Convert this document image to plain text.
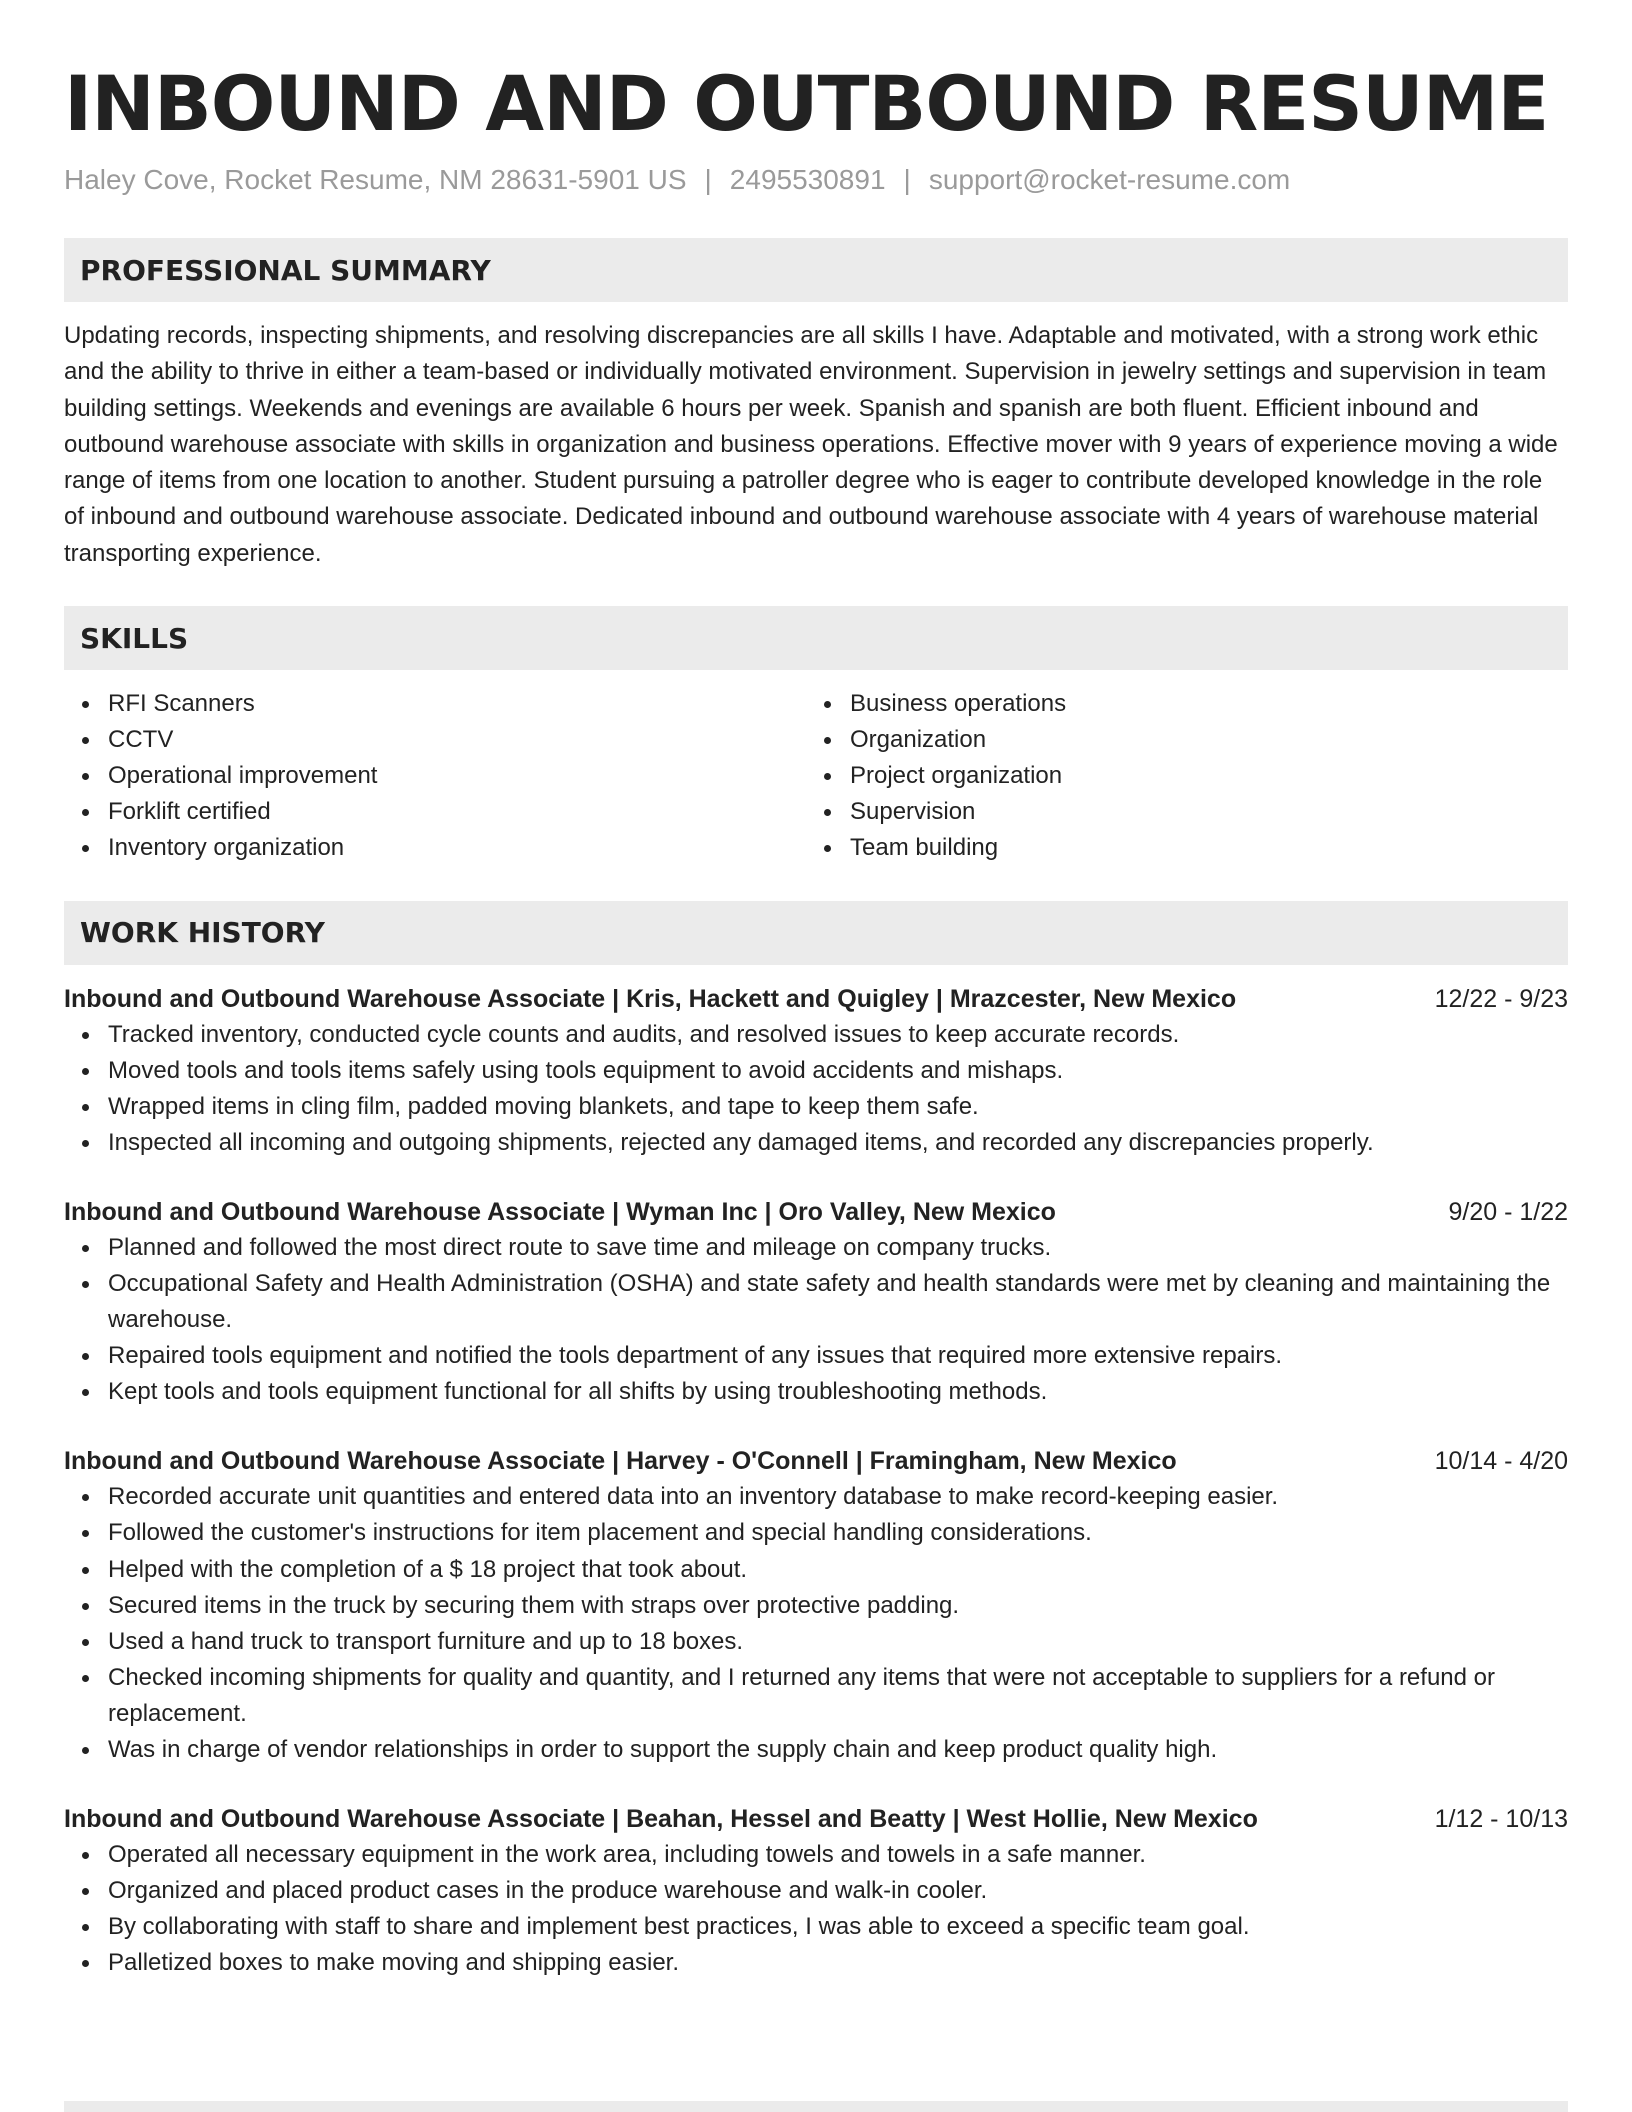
INBOUND AND OUTBOUND RESUME
Haley Cove, Rocket Resume, NM 28631-5901 US | 2495530891 | support@rocket-resume.com
PROFESSIONAL SUMMARY
Updating records, inspecting shipments, and resolving discrepancies are all skills I have. Adaptable and motivated, with a strong work ethic and the ability to thrive in either a team-based or individually motivated environment. Supervision in jewelry settings and supervision in team building settings. Weekends and evenings are available 6 hours per week. Spanish and spanish are both fluent. Efficient inbound and outbound warehouse associate with skills in organization and business operations. Effective mover with 9 years of experience moving a wide range of items from one location to another. Student pursuing a patroller degree who is eager to contribute developed knowledge in the role of inbound and outbound warehouse associate. Dedicated inbound and outbound warehouse associate with 4 years of warehouse material transporting experience.
SKILLS
RFI Scanners
CCTV
Operational improvement
Forklift certified
Inventory organization
Business operations
Organization
Project organization
Supervision
Team building
WORK HISTORY
Inbound and Outbound Warehouse Associate | Kris, Hackett and Quigley | Mrazcester, New Mexico	12/22 - 9/23
Tracked inventory, conducted cycle counts and audits, and resolved issues to keep accurate records.
Moved tools and tools items safely using tools equipment to avoid accidents and mishaps.
Wrapped items in cling film, padded moving blankets, and tape to keep them safe.
Inspected all incoming and outgoing shipments, rejected any damaged items, and recorded any discrepancies properly.
Inbound and Outbound Warehouse Associate | Wyman Inc | Oro Valley, New Mexico	9/20 - 1/22
Planned and followed the most direct route to save time and mileage on company trucks.
Occupational Safety and Health Administration (OSHA) and state safety and health standards were met by cleaning and maintaining the warehouse.
Repaired tools equipment and notified the tools department of any issues that required more extensive repairs.
Kept tools and tools equipment functional for all shifts by using troubleshooting methods.
Inbound and Outbound Warehouse Associate | Harvey - O'Connell | Framingham, New Mexico	10/14 - 4/20
Recorded accurate unit quantities and entered data into an inventory database to make record-keeping easier.
Followed the customer's instructions for item placement and special handling considerations.
Helped with the completion of a $ 18 project that took about.
Secured items in the truck by securing them with straps over protective padding.
Used a hand truck to transport furniture and up to 18 boxes.
Checked incoming shipments for quality and quantity, and I returned any items that were not acceptable to suppliers for a refund or replacement.
Was in charge of vendor relationships in order to support the supply chain and keep product quality high.
Inbound and Outbound Warehouse Associate | Beahan, Hessel and Beatty | West Hollie, New Mexico	1/12 - 10/13
Operated all necessary equipment in the work area, including towels and towels in a safe manner.
Organized and placed product cases in the produce warehouse and walk-in cooler.
By collaborating with staff to share and implement best practices, I was able to exceed a specific team goal.
Palletized boxes to make moving and shipping easier.
